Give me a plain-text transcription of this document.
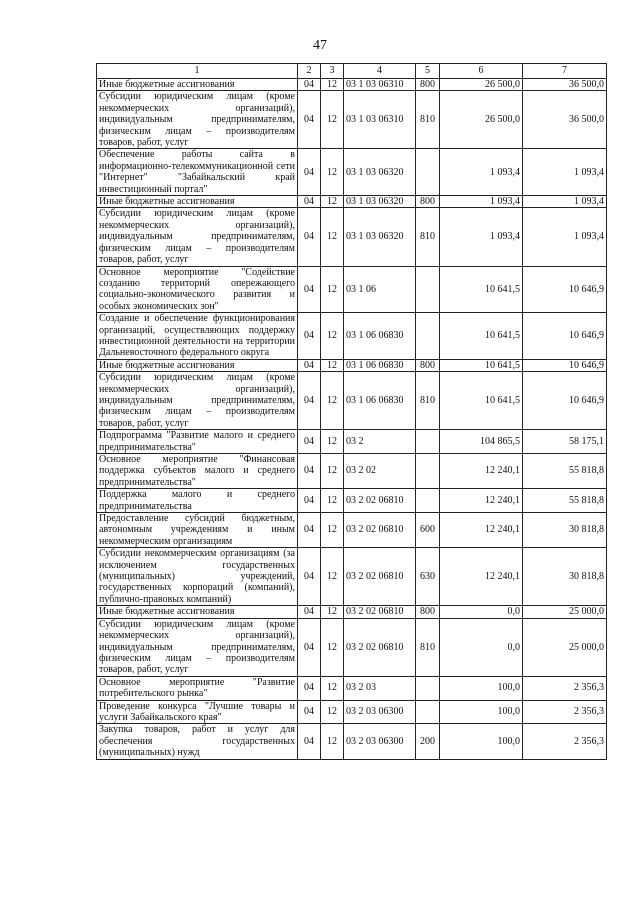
47
1	2	3	4	5	6	7
Иные бюджетные ассигнования	04	12	03 1 03 06310	800	26 500,0	36 500,0
Субсидии юридическим лицам (кроме некоммерческих организаций), индивидуальным предпринимателям, физическим лицам – производителям товаров, работ, услуг	04	12	03 1 03 06310	810	26 500,0	36 500,0
Обеспечение работы сайта в информационно-телекоммуникационной сети "Интернет" "Забайкальский край инвестиционный портал"	04	12	03 1 03 06320		1 093,4	1 093,4
Иные бюджетные ассигнования	04	12	03 1 03 06320	800	1 093,4	1 093,4
Субсидии юридическим лицам (кроме некоммерческих организаций), индивидуальным предпринимателям, физическим лицам – производителям товаров, работ, услуг	04	12	03 1 03 06320	810	1 093,4	1 093,4
Основное мероприятие "Содействие созданию территорий опережающего социально-экономического развития и особых экономических зон"	04	12	03 1 06		10 641,5	10 646,9
Создание и обеспечение функционирования организаций, осуществляющих поддержку инвестиционной деятельности на территории Дальневосточного федерального округа	04	12	03 1 06 06830		10 641,5	10 646,9
Иные бюджетные ассигнования	04	12	03 1 06 06830	800	10 641,5	10 646,9
Субсидии юридическим лицам (кроме некоммерческих организаций), индивидуальным предпринимателям, физическим лицам – производителям товаров, работ, услуг	04	12	03 1 06 06830	810	10 641,5	10 646,9
Подпрограмма "Развитие малого и среднего предпринимательства"	04	12	03 2		104 865,5	58 175,1
Основное мероприятие "Финансовая поддержка субъектов малого и среднего предпринимательства"	04	12	03 2 02		12 240,1	55 818,8
Поддержка малого и среднего предпринимательства	04	12	03 2 02 06810		12 240,1	55 818,8
Предоставление субсидий бюджетным, автономным учреждениям и иным некоммерческим организациям	04	12	03 2 02 06810	600	12 240,1	30 818,8
Субсидии некоммерческим организациям (за исключением государственных (муниципальных) учреждений, государственных корпораций (компаний), публично-правовых компаний)	04	12	03 2 02 06810	630	12 240,1	30 818,8
Иные бюджетные ассигнования	04	12	03 2 02 06810	800	0,0	25 000,0
Субсидии юридическим лицам (кроме некоммерческих организаций), индивидуальным предпринимателям, физическим лицам – производителям товаров, работ, услуг	04	12	03 2 02 06810	810	0,0	25 000,0
Основное мероприятие "Развитие потребительского рынка"	04	12	03 2 03		100,0	2 356,3
Проведение конкурса "Лучшие товары и услуги Забайкальского края"	04	12	03 2 03 06300		100,0	2 356,3
Закупка товаров, работ и услуг для обеспечения государственных (муниципальных) нужд	04	12	03 2 03 06300	200	100,0	2 356,3
